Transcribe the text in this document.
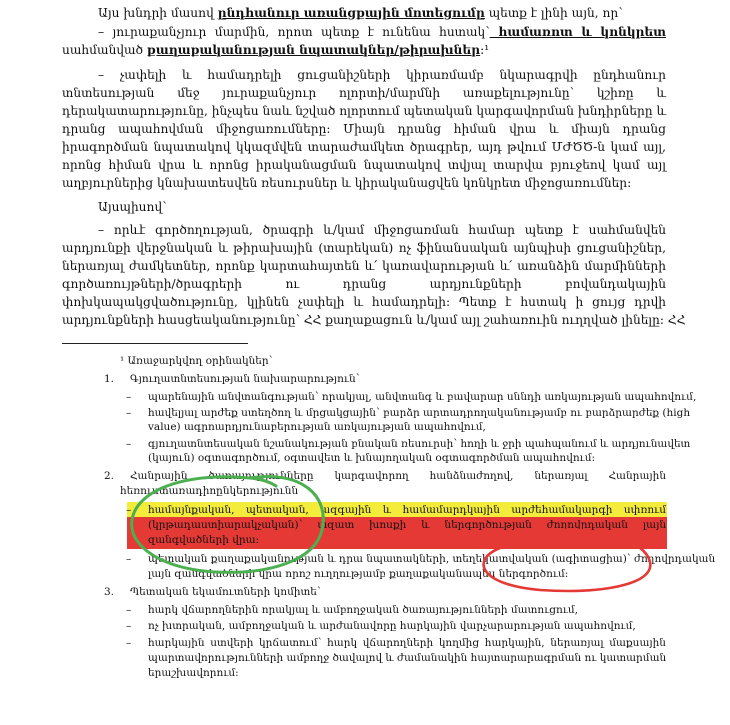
Այս խնդրի մասով ընդհանուր առանցքային մոտեցումը պետք է լինի այն, որ՝
– յուրաքանչյուր մարմին, որոտ պետք է ունենա հստակ՝ համառոտ և կոնկրետ
սահմանված քաղաքականության նպատակներ/թիրախներ:¹
– չափելի և համադրելի ցուցանիշների կիրառմամբ նկարագրվի ընդհանուր
տնտեսության մեջ յուրաքանչյուր ոլորտի/մարմնի առաքելությունը՝ կշիռը և
դերակատարությունը, ինչպես նաև նշված ոլորտում պետական կարգավորման խնդիրները և
դրանց ապահովման միջոցառումները: Միայն դրանց հիման վրա և միայն դրանց
իրագործման նպատակով կկազմվեն տարաժամկետ ծրագրեր, այդ թվում ՄԺԾԾ-ն կամ այլ,
որոնց հիման վրա և որոնց իրականացման նպատակով տվյալ տարվա բյուջեով կամ այլ
աղբյուրներից կնախատեսվեն ռեսուրսներ և կիրականացվեն կոնկրետ միջոցառումներ:
Այսպիսով՝
– որևէ գործողության, ծրագրի և/կամ միջոցառման համար պետք է սահմանվեն
արդյունքի վերջնական և թիրախային (տարեկան) ոչ ֆինանսական այնպիսի ցուցանիշներ,
ներառյալ ժամկետներ, որոնք կարտահայտեն և՛ կառավարության և՛ առանձին մարմինների
գործառույթների/ծրագրերի ու դրանց արդյունքների բովանդակային
փոխկապակցվածությունը, կլինեն չափելի և համադրելի: Պետք է հստակ ի ցույց դրվի
արդյունքների հասցեականությունը՝ ՀՀ քաղաքացուն և/կամ այլ շահառուին ուղղված լինելը: ՀՀ
¹ Առաջարկվող օրինակներ՝
1. Գյուղատնտեսության նախարարություն՝
– պարենային անվտանգության՝ որակյալ, անվտանգ և բավարար սննդի առկայության ապահովում,
– հավելյալ արժեք ստեղծող և մրցակցային՝ բարձր արտադրողականությամբ ու բարձրարժեք (high
value) ագրոարդյունաբերության առկայության ապահովում,
– գյուղատնտեսական նշանակության բնական ռեսուրսի՝ հողի և ջրի պահպանում և արդյունավետ
(կայուն) օգտագործում, օգտավետ և խնայողական օգտագործման ապահովում:
2. Հանրային ծառայությունները կարգավորող հանձնաժողով, ներառյալ Հանրային
հեռուստառադիոընկերությունն
– համայնքական, պետական, ազգային և համամարդկային արժեհամակարգի սփռում
(կրթադաստիարակչական)՝ ազատ խոսքի և ներգործության ժողովրդական լայն
զանգվածների վրա:
– պետական քաղաքականության և դրա նպատակների, տեղեկատվական (ագիտացիա)՝ ժողովրդական
լայն զանգվածների վրա որոշ ուղղությամբ քաղաքականապես ներգործում:
3. Պետական եկամուտների կոմիտե՝
– հարկ վճարողներին որակյալ և ամբողջական ծառայությունների մատուցում,
– ոչ խտրական, ամբողջական և արժանավորը հարկային վարչարարության ապահովում,
– հարկային ստվերի կրճատում՝ հարկ վճարողների կողմից հարկային, ներառյալ մաքսային
պարտավորությունների ամբողջ ծավալով և ժամանակին հայտարարագրման ու կատարման
երաշխավորում:
